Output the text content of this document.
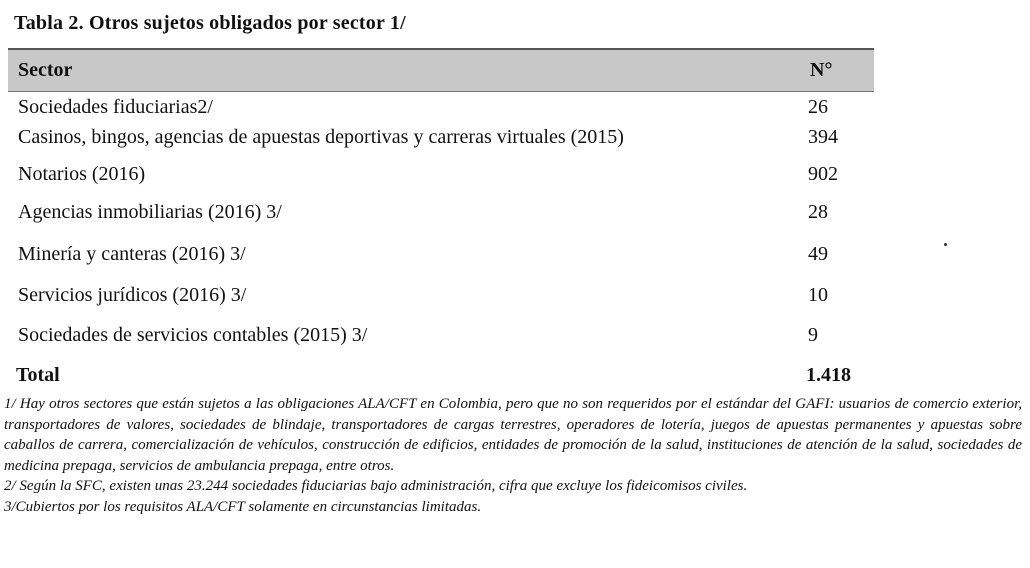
Tabla 2. Otros sujetos obligados por sector 1/
Sector	N°
Sociedades fiduciarias2/	26
Casinos, bingos, agencias de apuestas deportivas y carreras virtuales (2015)	394
Notarios (2016)	902
Agencias inmobiliarias (2016) 3/	28
Minería y canteras (2016) 3/	49
Servicios jurídicos (2016) 3/	10
Sociedades de servicios contables (2015) 3/	9
Total	1.418

1/ Hay otros sectores que están sujetos a las obligaciones ALA/CFT en Colombia, pero que no son requeridos por el estándar del GAFI: usuarios de comercio exterior, transportadores de valores, sociedades de blindaje, transportadores de cargas terrestres, operadores de lotería, juegos de apuestas permanentes y apuestas sobre caballos de carrera, comercialización de vehículos, construcción de edificios, entidades de promoción de la salud, instituciones de atención de la salud, sociedades de medicina prepaga, servicios de ambulancia prepaga, entre otros.

2/ Según la SFC, existen unas 23.244 sociedades fiduciarias bajo administración, cifra que excluye los fideicomisos civiles.

3/Cubiertos por los requisitos ALA/CFT solamente en circunstancias limitadas.
